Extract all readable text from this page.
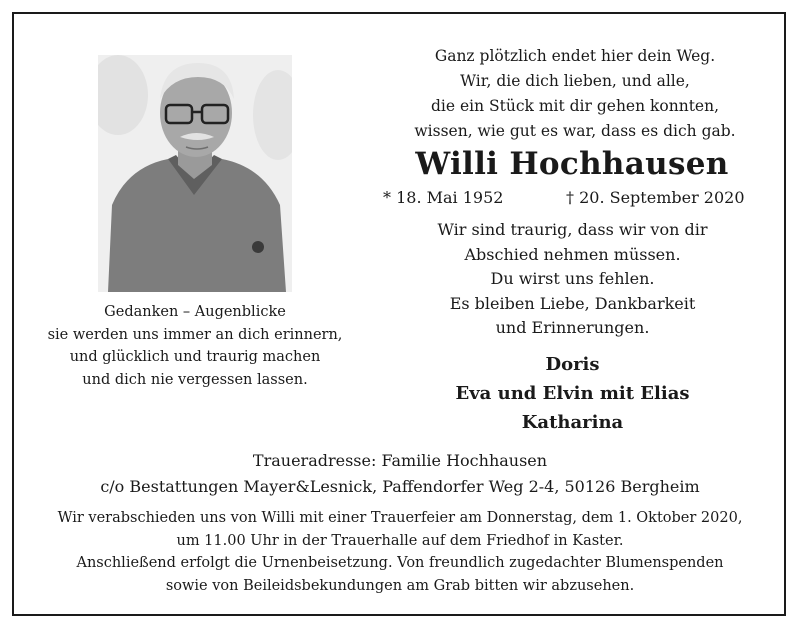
Ganz plötzlich endet hier dein Weg.
Wir, die dich lieben, und alle,
die ein Stück mit dir gehen konnten,
wissen, wie gut es war, dass es dich gab.
Willi Hochhausen
* 18. Mai 1952	† 20. September 2020
Wir sind traurig, dass wir von dir
Abschied nehmen müssen.
Du wirst uns fehlen.
Es bleiben Liebe, Dankbarkeit
und Erinnerungen.
Doris
Eva und Elvin mit Elias
Katharina
Gedanken – Augenblicke
sie werden uns immer an dich erinnern,
und glücklich und traurig machen
und dich nie vergessen lassen.
Traueradresse: Familie Hochhausen
c/o Bestattungen Mayer&Lesnick, Paffendorfer Weg 2-4, 50126 Bergheim
Wir verabschieden uns von Willi mit einer Trauerfeier am Donnerstag, dem 1. Oktober 2020,
um 11.00 Uhr in der Trauerhalle auf dem Friedhof in Kaster.
Anschließend erfolgt die Urnenbeisetzung. Von freundlich zugedachter Blumenspenden
sowie von Beileidsbekundungen am Grab bitten wir abzusehen.
